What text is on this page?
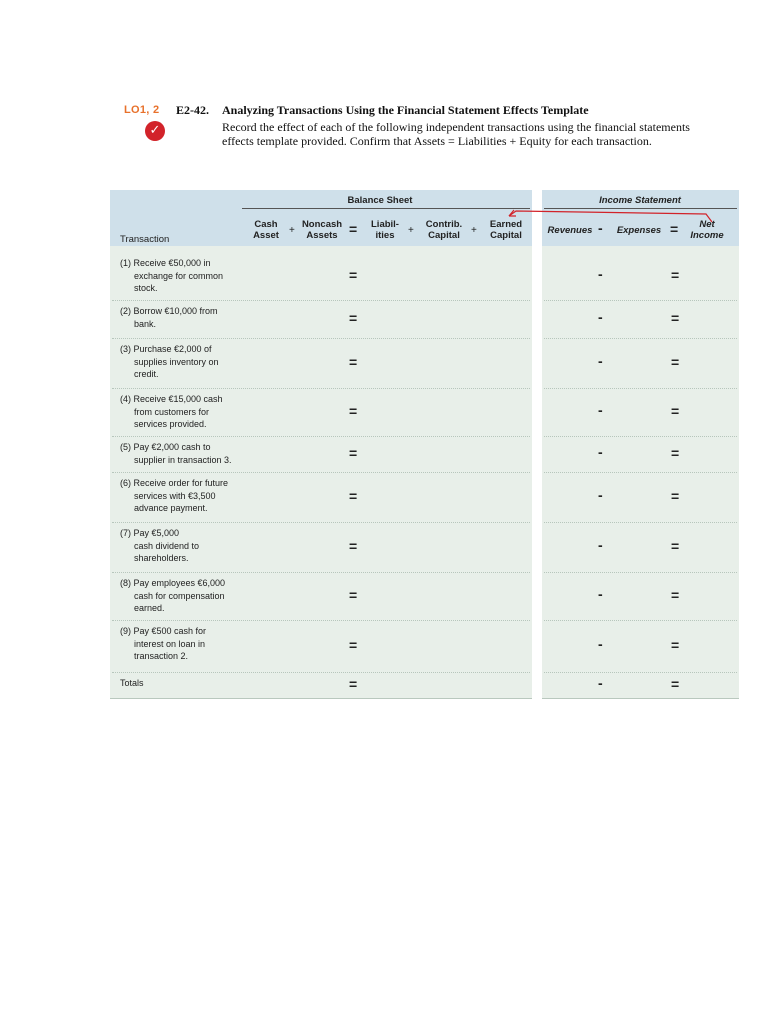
LO1, 2
✓
E2-42. Analyzing Transactions Using the Financial Statement Effects Template
Record the effect of each of the following independent transactions using the financial statements effects template provided. Confirm that Assets = Liabilities + Equity for each transaction.
Balance Sheet	Income Statement
Transaction
Cash
Asset	+
Noncash
Assets =	Liabil-
ities	+
Contrib.
Capital	+
Earned
Capital	Revenues -	Expenses =	Net
Income
(1) Receive €50,000 in
exchange for common
stock.
=	-	=
(2) Borrow €10,000 from
bank.	=	-	=
(3) Purchase €2,000 of
supplies inventory on
credit.
=	-	=
(4) Receive €15,000 cash
from customers for
services provided.
=	-	=
(5) Pay €2,000 cash to
supplier in transaction 3.	=	-	=
(6) Receive order for future
services with €3,500
advance payment.
=	-	=
(7) Pay €5,000
cash dividend to
shareholders.
=	-	=
(8) Pay employees €6,000
cash for compensation
earned.
=	-	=
(9) Pay €500 cash for
interest on loan in
transaction 2.
=	-	=
Totals	=	-	=
